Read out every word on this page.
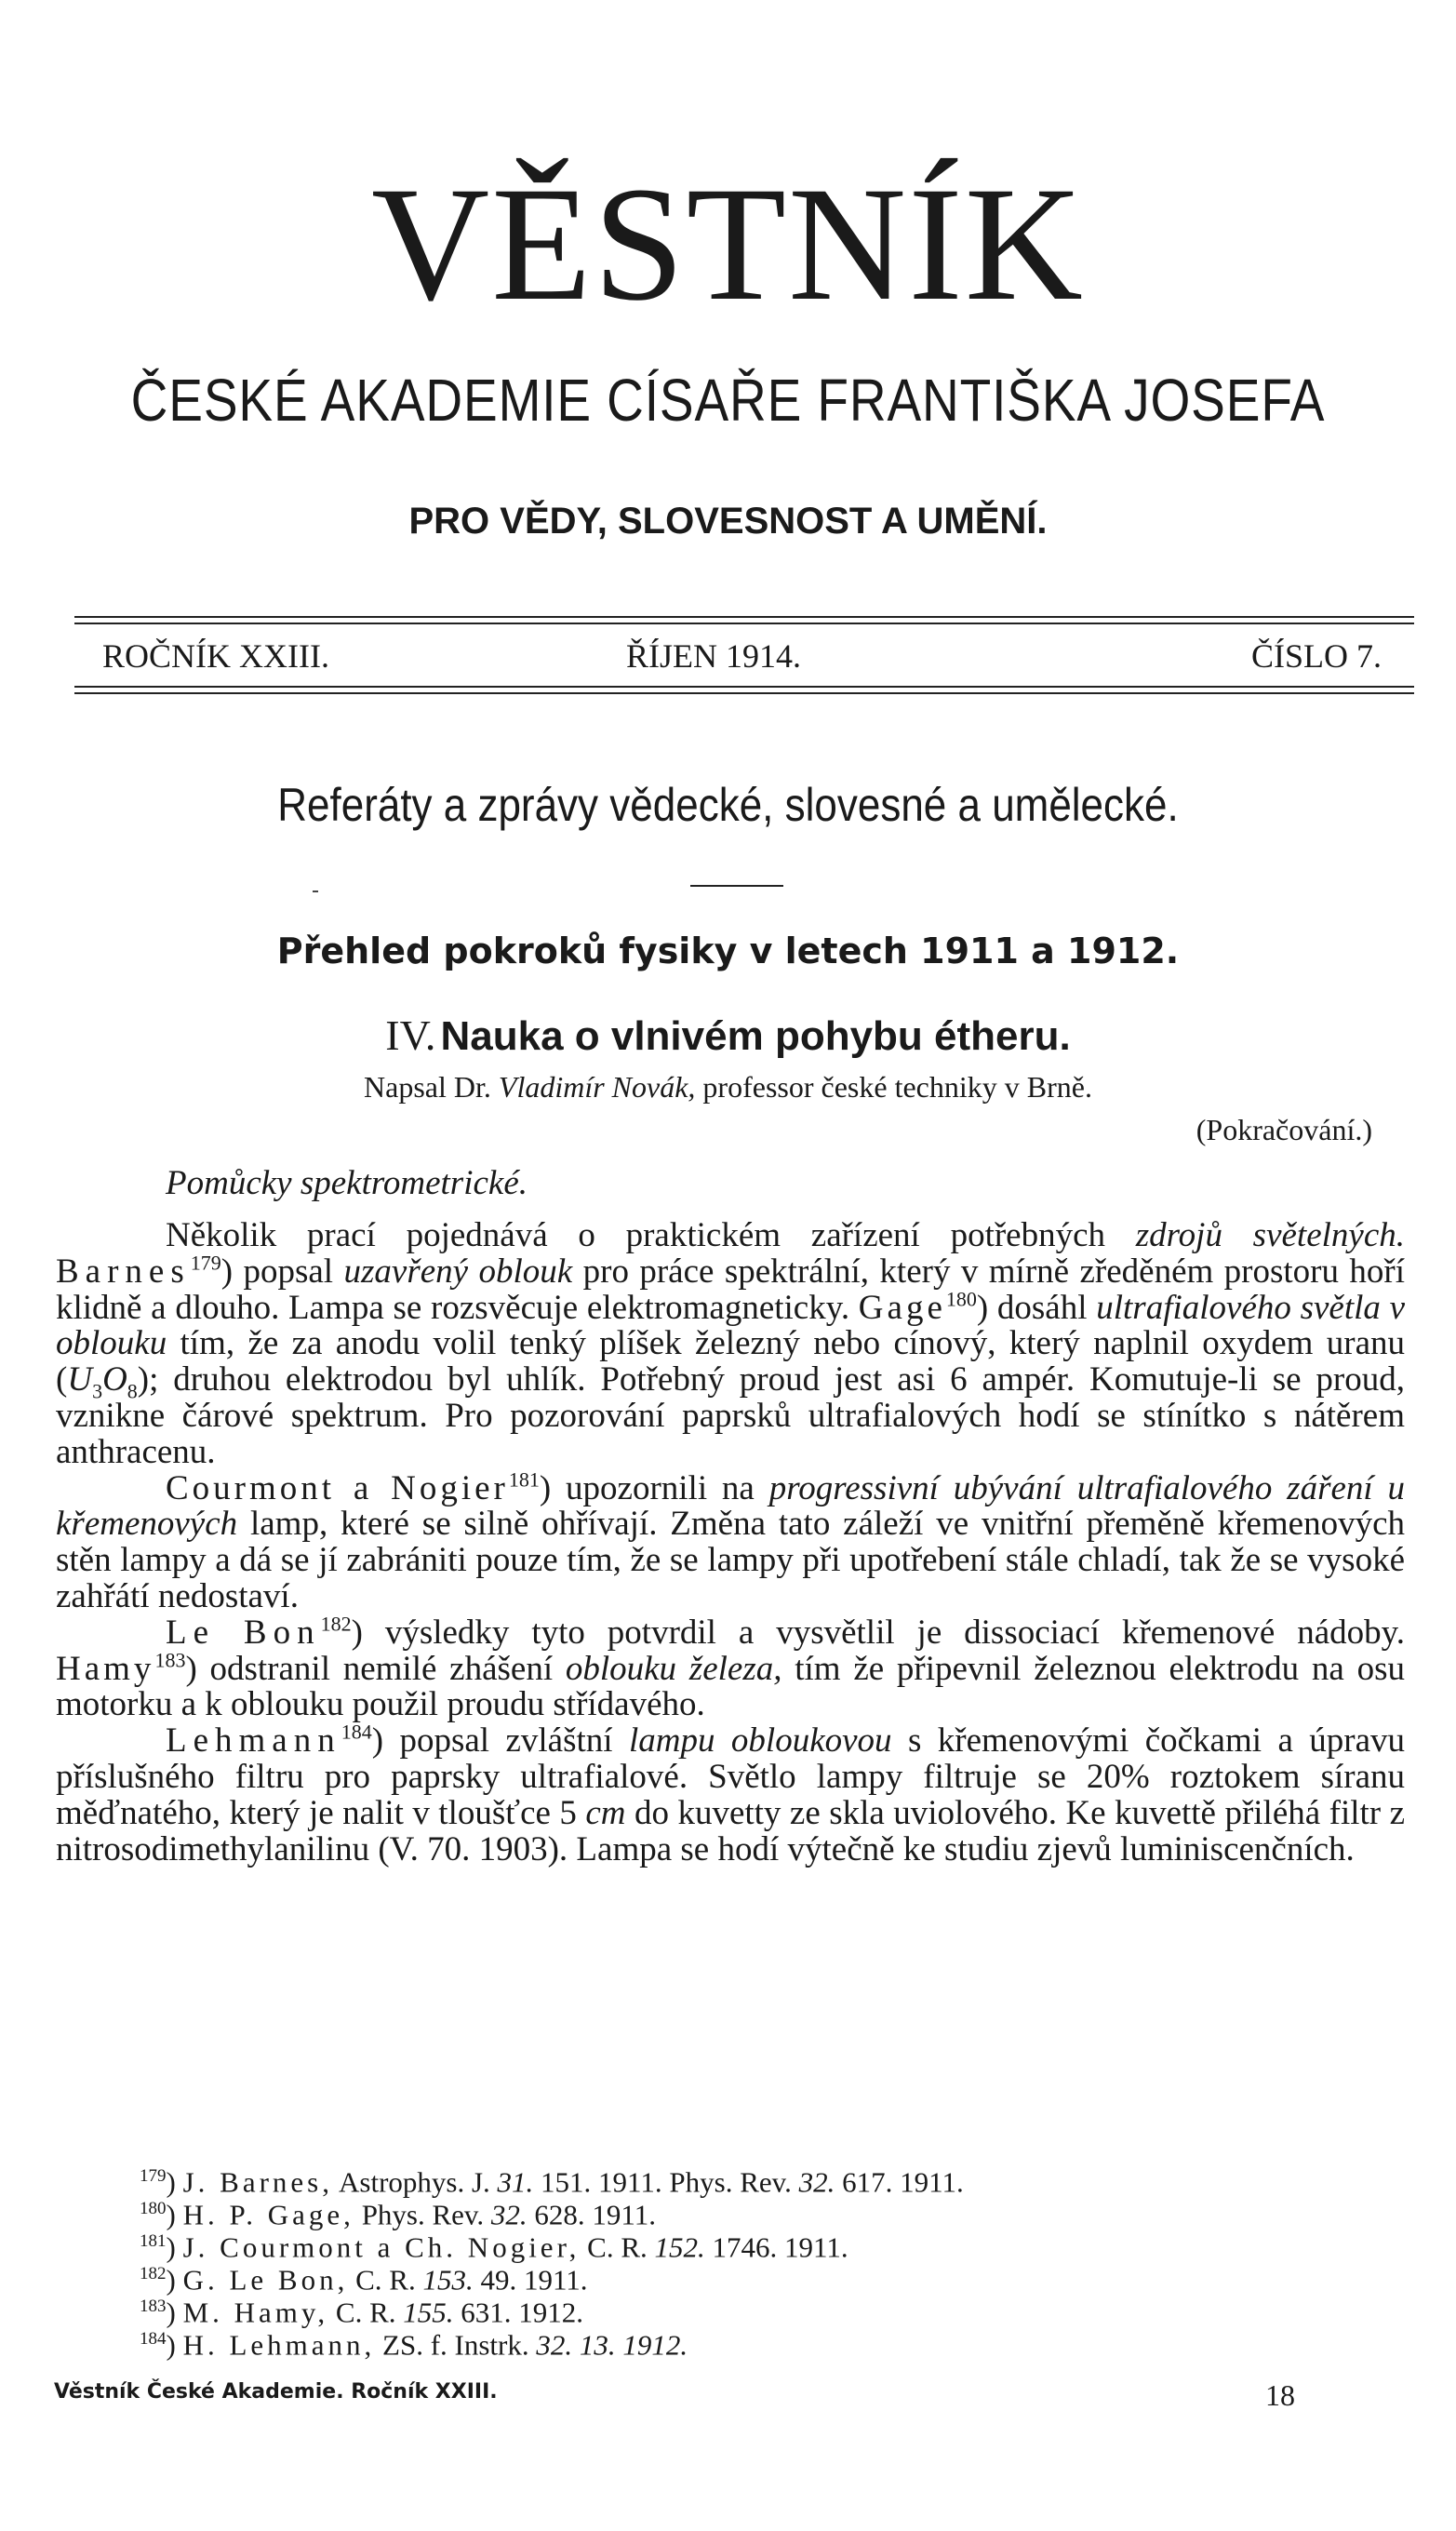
VĚSTNÍK
ČESKÉ AKADEMIE CÍSAŘE FRANTIŠKA JOSEFA
PRO VĚDY, SLOVESNOST A UMĚNÍ.
ROČNÍK XXIII.	ŘÍJEN 1914.	ČÍSLO 7.
Referáty a zprávy vědecké, slovesné a umělecké.
Přehled pokroků fysiky v letech 1911 a 1912.
IV. Nauka o vlnivém pohybu étheru.
Napsal Dr. Vladimír Novák, professor české techniky v Brně.
(Pokračování.)
Pomůcky spektrometrické.

Několik prací pojednává o praktickém zařízení potřebných zdrojů světelných. Barnes$^{179}$) popsal uzavřený oblouk pro práce spektrální, který v mírně zředěném prostoru hoří klidně a dlouho. Lampa se rozsvěcuje elektromagneticky. Gage$^{180}$) dosáhl ultrafialového světla v oblouku tím, že za anodu volil tenký plíšek železný nebo cínový, který naplnil oxydem uranu $(U_3O_8)$; druhou elektrodou byl uhlík. Potřebný proud jest asi 6 ampér. Komutuje-li se proud, vznikne čárové spektrum. Pro pozorování paprsků ultrafialových hodí se stínítko s nátěrem anthracenu.

Courmont a Nogier$^{181}$) upozornili na progressivní ubývání ultrafialového záření u křemenových lamp, které se silně ohřívají. Změna tato záleží ve vnitřní přeměně křemenových stěn lampy a dá se jí zabrániti pouze tím, že se lampy při upotřebení stále chladí, tak že se vysoké zahřátí nedostaví.

Le Bon$^{182}$) výsledky tyto potvrdil a vysvětlil je dissociací křemenové nádoby. Hamy$^{183}$) odstranil nemilé zhášení oblouku železa, tím že připevnil železnou elektrodu na osu motorku a k oblouku použil proudu střídavého.

Lehmann$^{184}$) popsal zvláštní lampu obloukovou s křemenovými čočkami a úpravu příslušného filtru pro paprsky ultrafialové. Světlo lampy filtruje se 20% roztokem síranu měďnatého, který je nalit v tloušťce 5 cm do kuvetty ze skla uviolového. Ke kuvettě přiléhá filtr z nitrosodimethylanilinu (V. 70. 1903). Lampa se hodí výtečně ke studiu zjevů luminiscenčních.

$^{179}$) J. Barnes, Astrophys. J. 31. 151. 1911. Phys. Rev. 32. 617. 1911.
$^{180}$) H. P. Gage, Phys. Rev. 32. 628. 1911.
$^{181}$) J. Courmont a Ch. Nogier, C. R. 152. 1746. 1911.
$^{182}$) G. Le Bon, C. R. 153. 49. 1911.
$^{183}$) M. Hamy, C. R. 155. 631. 1912.
$^{184}$) H. Lehmann, ZS. f. Instrk. 32. 13. 1912.
Věstník České Akademie. Ročník XXIII.	18
